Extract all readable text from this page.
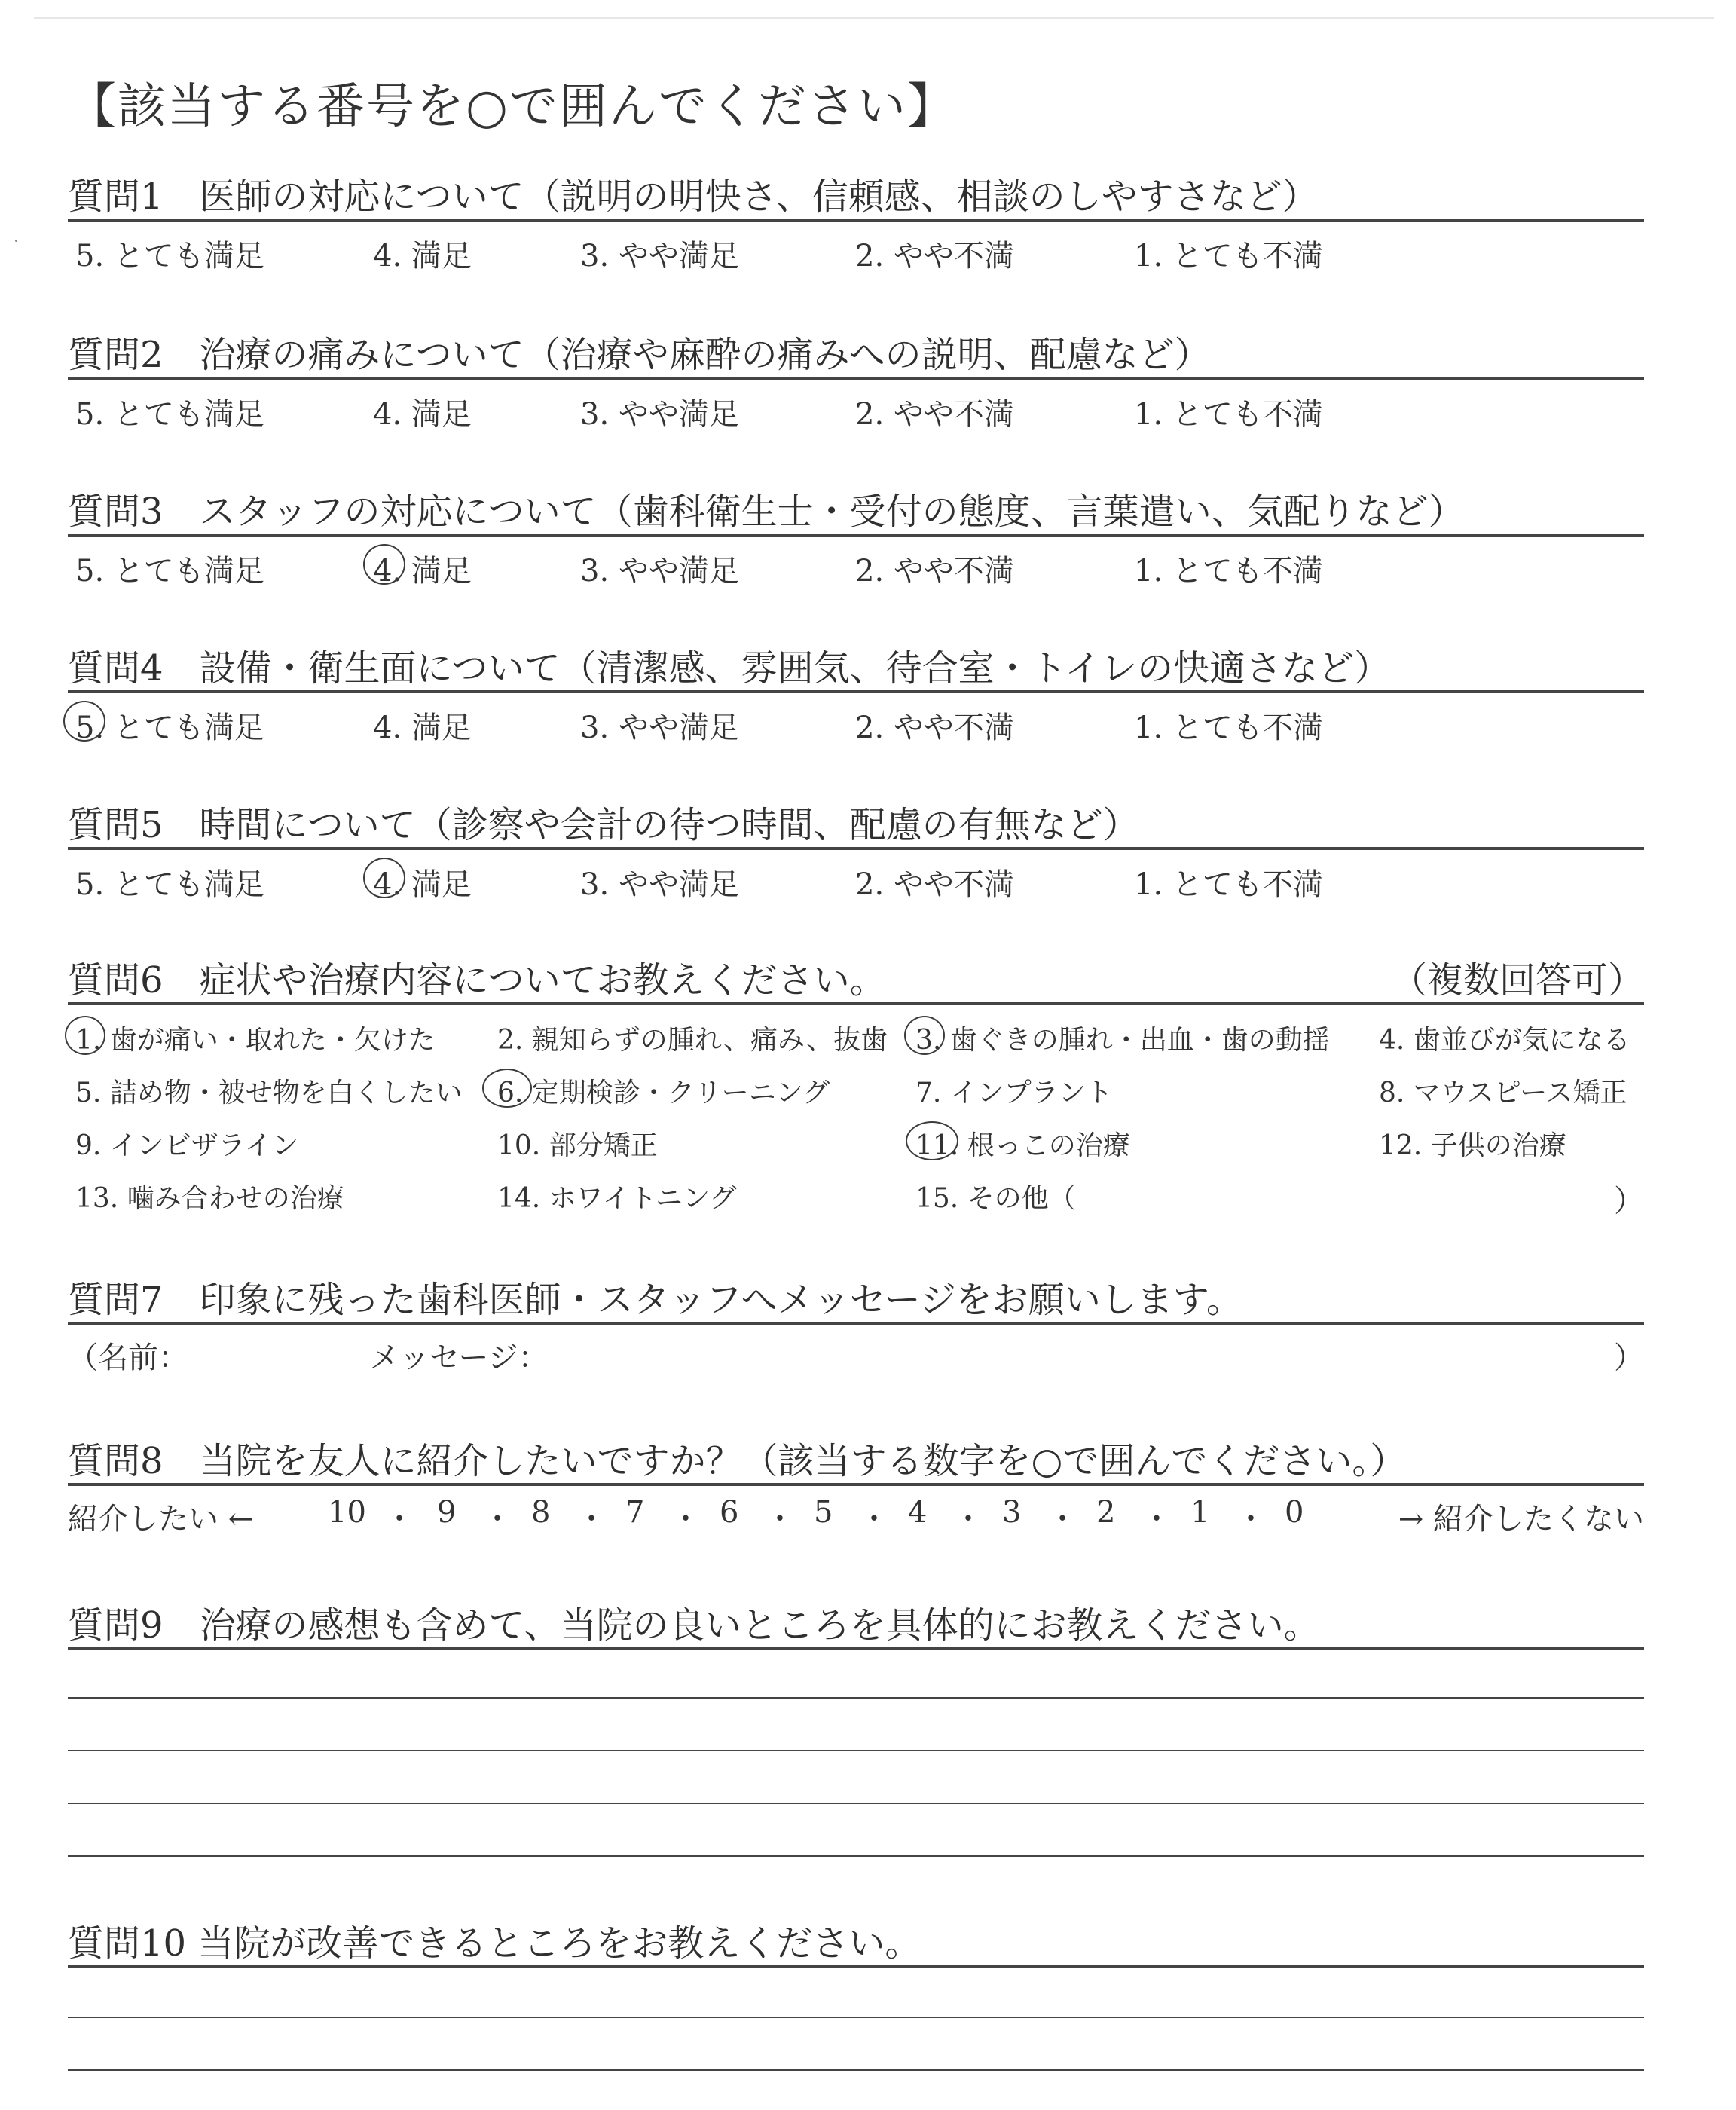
【該当する番号を○で囲んでください】
質問1　医師の対応について（説明の明快さ、信頼感、相談のしやすさなど）
5. とても満足	4. 満足	3. やや満足	2. やや不満	1. とても不満
質問2　治療の痛みについて（治療や麻酔の痛みへの説明、配慮など）
5. とても満足	4. 満足	3. やや満足	2. やや不満	1. とても不満
質問3　スタッフの対応について（歯科衛生士・受付の態度、言葉遣い、気配りなど）
5. とても満足	4. 満足	3. やや満足	2. やや不満	1. とても不満
質問4　設備・衛生面について（清潔感、雰囲気、待合室・トイレの快適さなど）
5. とても満足	4. 満足	3. やや満足	2. やや不満	1. とても不満
質問5　時間について（診察や会計の待つ時間、配慮の有無など）
5. とても満足	4. 満足	3. やや満足	2. やや不満	1. とても不満
質問6　症状や治療内容についてお教えください。	（複数回答可）
1. 歯が痛い・取れた・欠けた 2. 親知らずの腫れ、痛み、抜歯 3. 歯ぐきの腫れ・出血・歯の動揺 4. 歯並びが気になる
5. 詰め物・被せ物を白くしたい 6. 定期検診・クリーニング	7. インプラント	8. マウスピース矯正
9. インビザライン	10. 部分矯正	11. 根っこの治療	12. 子供の治療
13. 噛み合わせの治療	14. ホワイトニング	15. その他（	）
質問7　印象に残った歯科医師・スタッフへメッセージをお願いします。
（名前：	メッセージ：	）
質問8　当院を友人に紹介したいですか？（該当する数字を○で囲んでください。）
紹介したい ←	→ 紹介したくない
10 ・ 9 ・ 8 ・ 7 ・ 6 ・ 5 ・ 4 ・ 3 ・ 2 ・ 1 ・ 0
質問9　治療の感想も含めて、当院の良いところを具体的にお教えください。
質問10 当院が改善できるところをお教えください。
